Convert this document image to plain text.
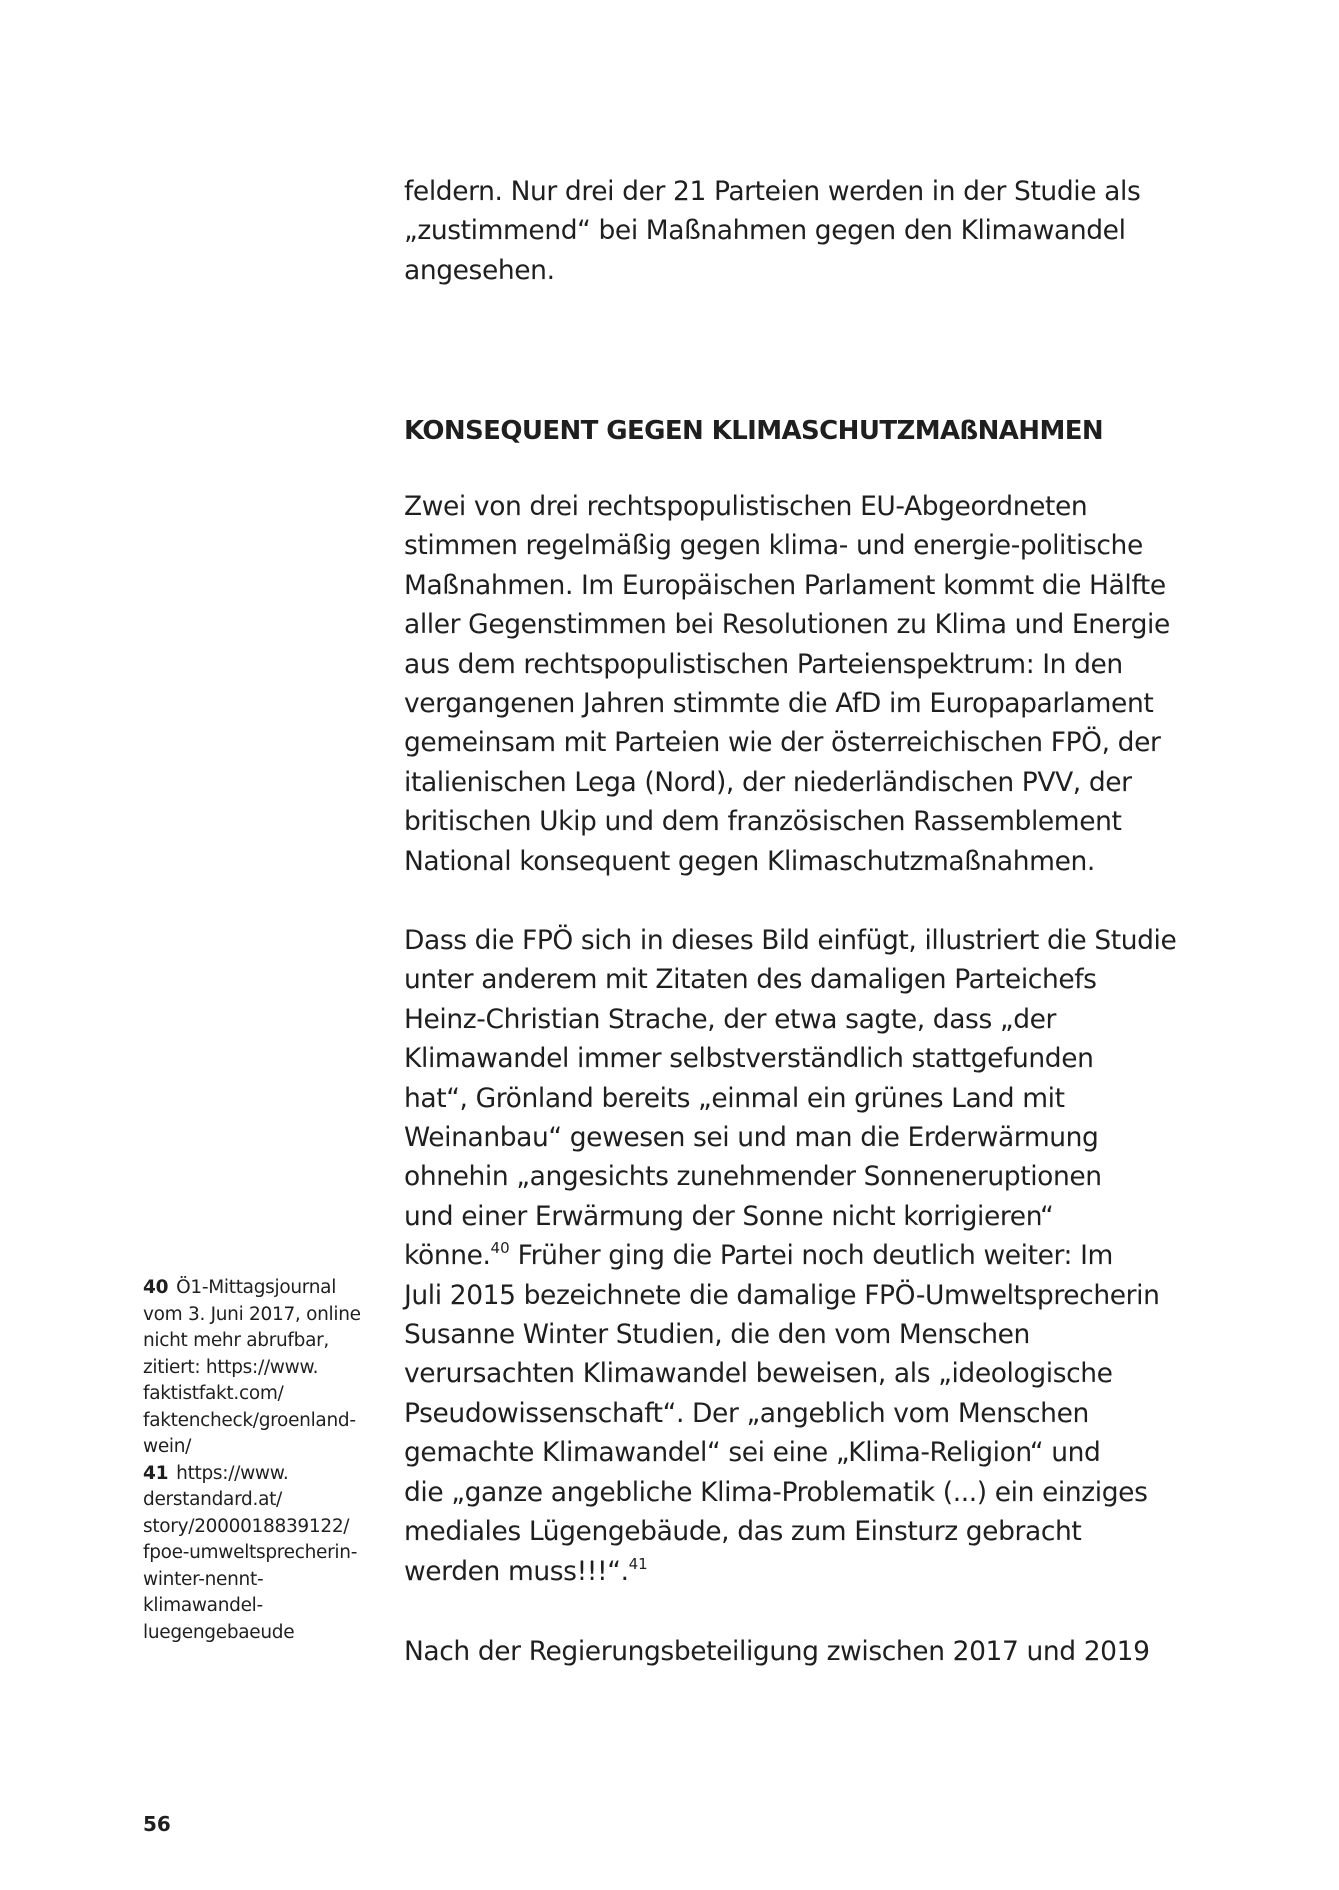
feldern. Nur drei der 21 Parteien werden in der Studie als
„zustimmend“ bei Maßnahmen gegen den Klimawandel
angesehen.

KONSEQUENT GEGEN KLIMASCHUTZMAßNAHMEN

Zwei von drei rechtspopulistischen EU-Abgeordneten
stimmen regelmäßig gegen klima- und energie-politische
Maßnahmen. Im Europäischen Parlament kommt die Hälfte
aller Gegenstimmen bei Resolutionen zu Klima und Energie
aus dem rechtspopulistischen Parteienspektrum: In den
vergangenen Jahren stimmte die AfD im Europaparlament
gemeinsam mit Parteien wie der österreichischen FPÖ, der
italienischen Lega (Nord), der niederländischen PVV, der
britischen Ukip und dem französischen Rassemblement
National konsequent gegen Klimaschutzmaßnahmen.

Dass die FPÖ sich in dieses Bild einfügt, illustriert die Studie
unter anderem mit Zitaten des damaligen Parteichefs
Heinz-Christian Strache, der etwa sagte, dass „der
Klimawandel immer selbstverständlich stattgefunden
hat“, Grönland bereits „einmal ein grünes Land mit
Weinanbau“ gewesen sei und man die Erderwärmung
ohnehin „angesichts zunehmender Sonneneruptionen
und einer Erwärmung der Sonne nicht korrigieren“
könne.$^{40}$ Früher ging die Partei noch deutlich weiter: Im
Juli 2015 bezeichnete die damalige FPÖ-Umweltsprecherin
Susanne Winter Studien, die den vom Menschen
verursachten Klimawandel beweisen, als „ideologische
Pseudowissenschaft“. Der „angeblich vom Menschen
gemachte Klimawandel“ sei eine „Klima-Religion“ und
die „ganze angebliche Klima-Problematik (...) ein einziges
mediales Lügengebäude, das zum Einsturz gebracht
werden muss!!!“.$^{41}$

Nach der Regierungsbeteiligung zwischen 2017 und 2019

40 Ö1-Mittagsjournal
vom 3. Juni 2017, online
nicht mehr abrufbar,
zitiert: https://www.
faktistfakt.com/
faktencheck/groenland-
wein/
41 https://www.
derstandard.at/
story/2000018839122/
fpoe-umweltsprecherin-
winter-nennt-
klimawandel-
luegengebaeude
56
